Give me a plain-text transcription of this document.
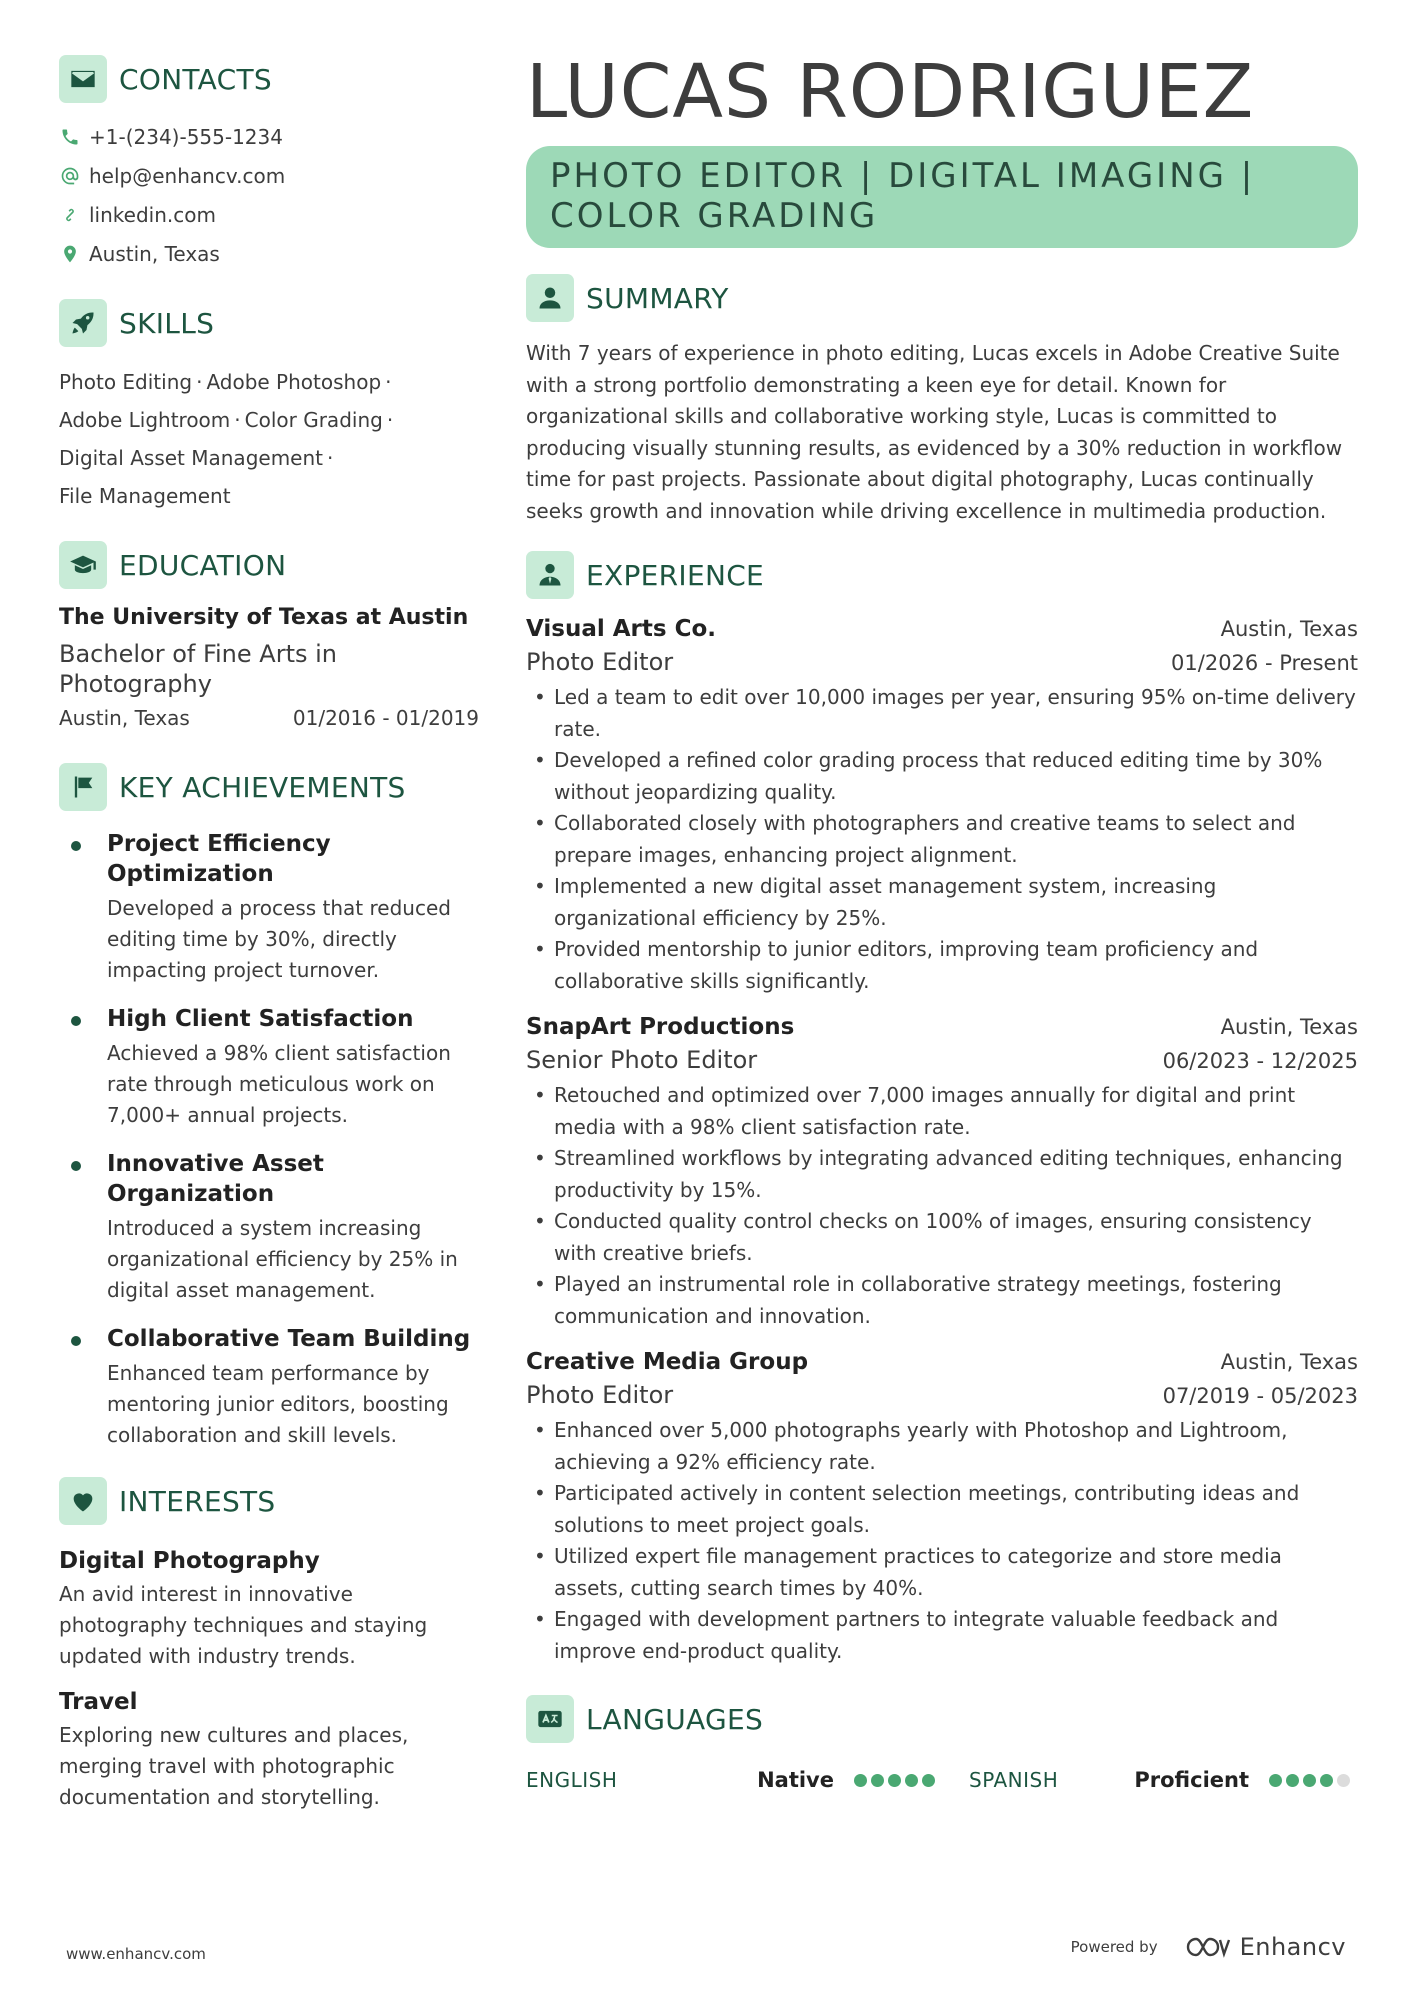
CONTACTS
+1-(234)-555-1234
help@enhancv.com
linkedin.com
Austin, Texas
SKILLS
Photo Editing · Adobe Photoshop ·
Adobe Lightroom · Color Grading ·
Digital Asset Management ·
File Management
EDUCATION
The University of Texas at Austin
Bachelor of Fine Arts in Photography
Austin, Texas	01/2016 - 01/2019
KEY ACHIEVEMENTS
Project Efficiency Optimization
Developed a process that reduced editing time by 30%, directly impacting project turnover.
High Client Satisfaction
Achieved a 98% client satisfaction rate through meticulous work on 7,000+ annual projects.
Innovative Asset Organization
Introduced a system increasing organizational efficiency by 25% in digital asset management.
Collaborative Team Building
Enhanced team performance by mentoring junior editors, boosting collaboration and skill levels.
INTERESTS
Digital Photography
An avid interest in innovative photography techniques and staying updated with industry trends.
Travel
Exploring new cultures and places, merging travel with photographic documentation and storytelling.
LUCAS RODRIGUEZ
PHOTO EDITOR | DIGITAL IMAGING | COLOR GRADING
SUMMARY
With 7 years of experience in photo editing, Lucas excels in Adobe Creative Suite with a strong portfolio demonstrating a keen eye for detail. Known for organizational skills and collaborative working style, Lucas is committed to producing visually stunning results, as evidenced by a 30% reduction in workflow time for past projects. Passionate about digital photography, Lucas continually seeks growth and innovation while driving excellence in multimedia production.
EXPERIENCE
Visual Arts Co.	Austin, Texas
Photo Editor	01/2026 - Present
• Led a team to edit over 10,000 images per year, ensuring 95% on-time delivery rate.
• Developed a refined color grading process that reduced editing time by 30% without jeopardizing quality.
• Collaborated closely with photographers and creative teams to select and prepare images, enhancing project alignment.
• Implemented a new digital asset management system, increasing organizational efficiency by 25%.
• Provided mentorship to junior editors, improving team proficiency and collaborative skills significantly.
SnapArt Productions	Austin, Texas
Senior Photo Editor	06/2023 - 12/2025
• Retouched and optimized over 7,000 images annually for digital and print media with a 98% client satisfaction rate.
• Streamlined workflows by integrating advanced editing techniques, enhancing productivity by 15%.
• Conducted quality control checks on 100% of images, ensuring consistency with creative briefs.
• Played an instrumental role in collaborative strategy meetings, fostering communication and innovation.
Creative Media Group	Austin, Texas
Photo Editor	07/2019 - 05/2023
• Enhanced over 5,000 photographs yearly with Photoshop and Lightroom, achieving a 92% efficiency rate.
• Participated actively in content selection meetings, contributing ideas and solutions to meet project goals.
• Utilized expert file management practices to categorize and store media assets, cutting search times by 40%.
• Engaged with development partners to integrate valuable feedback and improve end-product quality.
LANGUAGES
ENGLISH	Native	SPANISH	Proficient
www.enhancv.com	Powered by	Enhancv
